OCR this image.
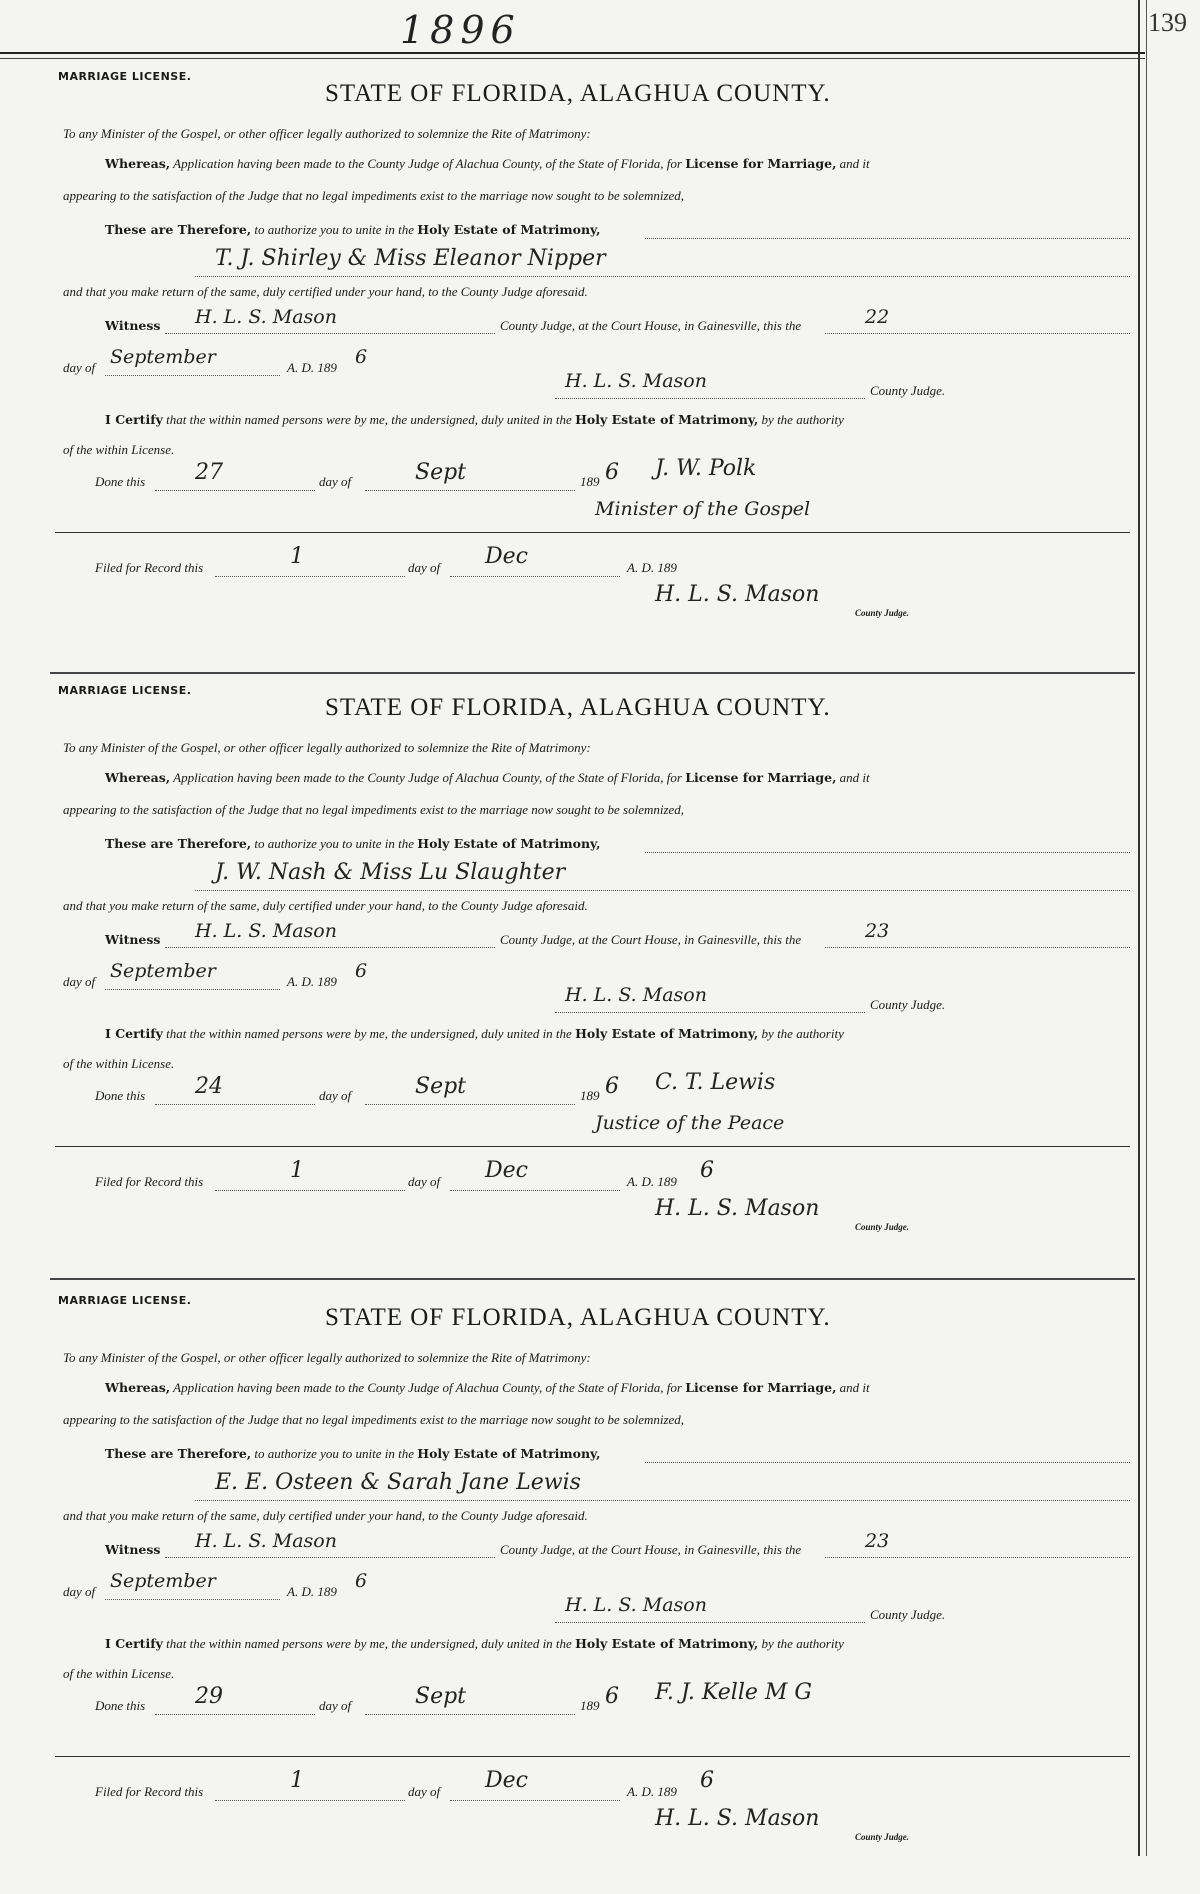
1896	139
MARRIAGE LICENSE.
STATE OF FLORIDA, ALAGHUA COUNTY.
To any Minister of the Gospel, or other officer legally authorized to solemnize the Rite of Matrimony:
Whereas, Application having been made to the County Judge of Alachua County, of the State of Florida, for License for Marriage, and it
appearing to the satisfaction of the Judge that no legal impediments exist to the marriage now sought to be solemnized,
These are Therefore, to authorize you to unite in the Holy Estate of Matrimony,
T. J. Shirley & Miss Eleanor Nipper
and that you make return of the same, duly certified under your hand, to the County Judge aforesaid.
Witness H. L. S. Mason	County Judge, at the Court House, in Gainesville, this the	22
day of September	A. D. 189 6
H. L. S. Mason	County Judge.
I Certify that the within named persons were by me, the undersigned, duly united in the Holy Estate of Matrimony, by the authority
of the within License.
Done this 27	day of	Sept	189 6 J. W. Polk
Minister of the Gospel
Filed for Record this	1	day of Dec	A. D. 189
H. L. S. Mason
County Judge.
MARRIAGE LICENSE.
STATE OF FLORIDA, ALAGHUA COUNTY.
To any Minister of the Gospel, or other officer legally authorized to solemnize the Rite of Matrimony:
Whereas, Application having been made to the County Judge of Alachua County, of the State of Florida, for License for Marriage, and it
appearing to the satisfaction of the Judge that no legal impediments exist to the marriage now sought to be solemnized,
These are Therefore, to authorize you to unite in the Holy Estate of Matrimony,
J. W. Nash & Miss Lu Slaughter
and that you make return of the same, duly certified under your hand, to the County Judge aforesaid.
Witness H. L. S. Mason	County Judge, at the Court House, in Gainesville, this the	23
day of September	A. D. 189 6
H. L. S. Mason	County Judge.
I Certify that the within named persons were by me, the undersigned, duly united in the Holy Estate of Matrimony, by the authority
of the within License.
Done this 24	day of	Sept	189 6 C. T. Lewis
Justice of the Peace
Filed for Record this	1	day of Dec	A. D. 189 6
H. L. S. Mason
County Judge.
MARRIAGE LICENSE.
STATE OF FLORIDA, ALAGHUA COUNTY.
To any Minister of the Gospel, or other officer legally authorized to solemnize the Rite of Matrimony:
Whereas, Application having been made to the County Judge of Alachua County, of the State of Florida, for License for Marriage, and it
appearing to the satisfaction of the Judge that no legal impediments exist to the marriage now sought to be solemnized,
These are Therefore, to authorize you to unite in the Holy Estate of Matrimony,
E. E. Osteen & Sarah Jane Lewis
and that you make return of the same, duly certified under your hand, to the County Judge aforesaid.
Witness H. L. S. Mason	County Judge, at the Court House, in Gainesville, this the	23
day of September	A. D. 189 6
H. L. S. Mason	County Judge.
I Certify that the within named persons were by me, the undersigned, duly united in the Holy Estate of Matrimony, by the authority
of the within License.
Done this 29	day of	Sept	189 6 F. J. Kelle M G
Filed for Record this	1	day of Dec	A. D. 189 6
H. L. S. Mason
County Judge.
